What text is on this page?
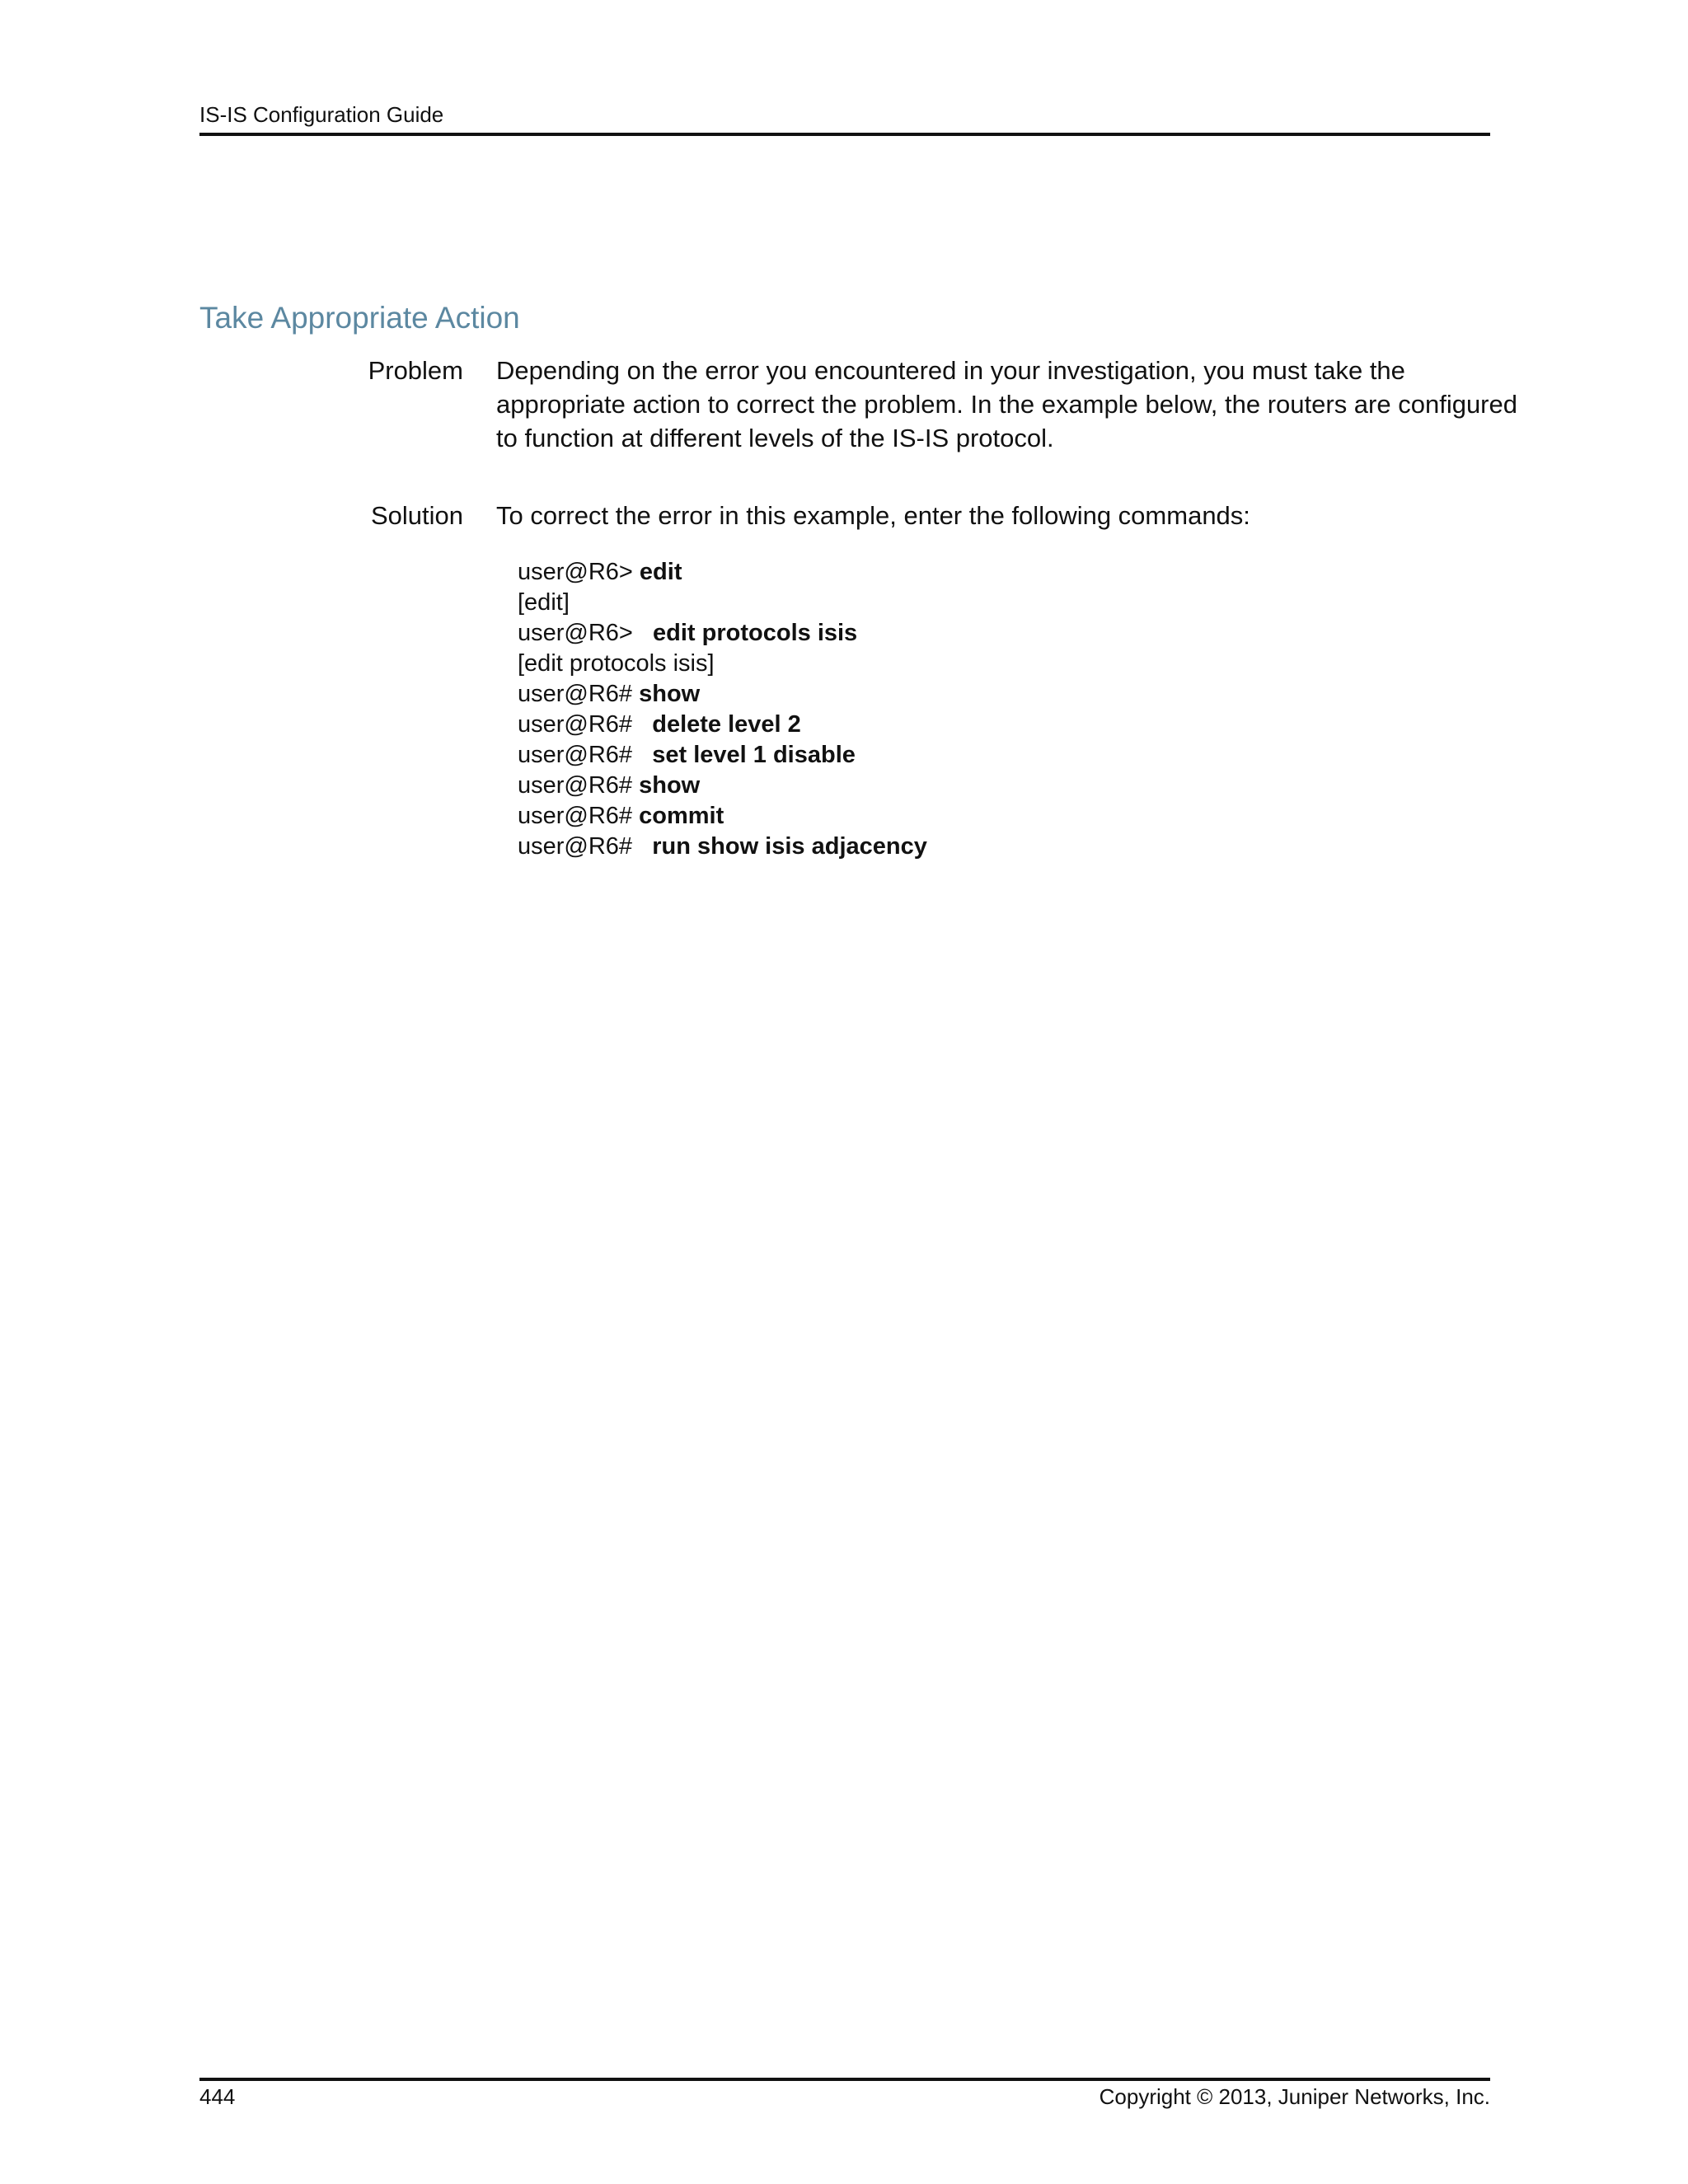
IS-IS Configuration Guide
Take Appropriate Action
Problem Depending on the error you encountered in your investigation, you must take the
appropriate action to correct the problem. In the example below, the routers are configured
to function at different levels of the IS-IS protocol.
Solution To correct the error in this example, enter the following commands:
user@R6> edit
[edit]
user@R6>   edit protocols isis
[edit protocols isis]
user@R6# show
user@R6#   delete level 2
user@R6#   set level 1 disable
user@R6# show
user@R6# commit
user@R6#   run show isis adjacency
444	Copyright © 2013, Juniper Networks, Inc.
